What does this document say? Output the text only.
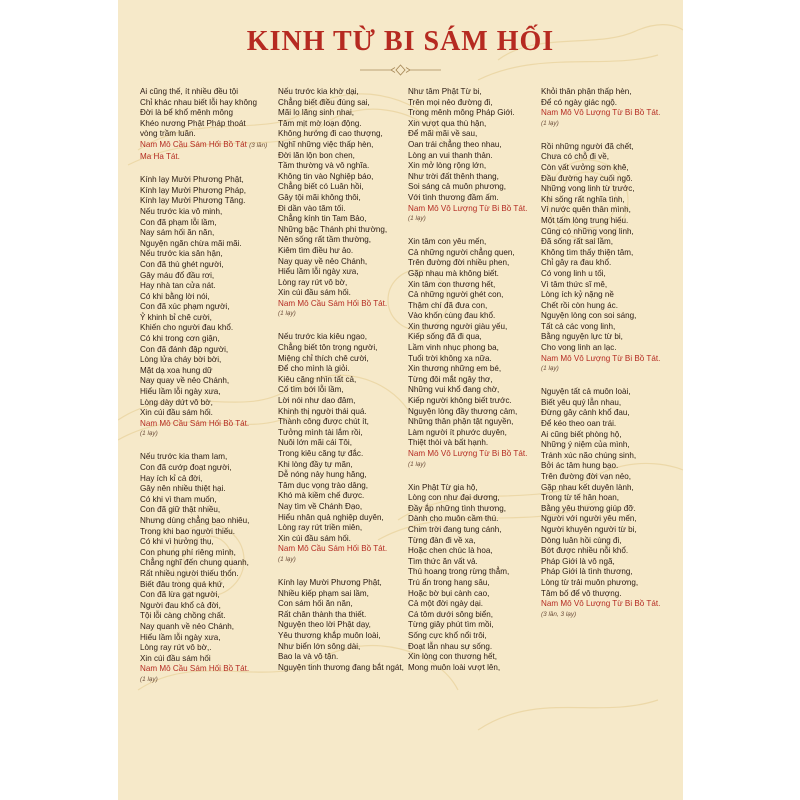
KINH TỪ BI SÁM HỐI
Ai cũng thế, ít nhiều đều tội
Chỉ khác nhau biết lỗi hay không
Đời là bể khổ mênh mông
Khéo nương Phật Pháp thoát
vòng trầm luân.
Nam Mô Cầu Sám Hối Bồ Tát (3 lần)
Ma Ha Tát.
Kính lạy Mười Phương Phật,
Kính lạy Mười Phương Pháp,
Kính lạy Mười Phương Tăng.
Nếu trước kia vô minh,
Con đã phạm lỗi lầm,
Nay sám hối ăn năn,
Nguyện ngăn chừa mãi mãi.
Nếu trước kia sân hận,
Con đã thù ghét người,
Gây máu đổ đầu rơi,
Hay nhà tan cửa nát.
Có khi bằng lời nói,
Con đã xúc phạm người,
Ỷ khinh bỉ chê cười,
Khiến cho người đau khổ.
Có khi trong cơn giận,
Con đã đánh đập người,
Lòng lửa cháy bời bời,
Mặt dạ xoa hung dữ
Nay quay về nẻo Chánh,
Hiểu lầm lỗi ngày xưa,
Lòng dày dứt vô bờ,
Xin cúi đầu sám hối.
Nam Mô Cầu Sám Hối Bồ Tát.
(1 lạy)
Nếu trước kia tham lam,
Con đã cướp đoạt người,
Hay ích kỉ cả đời,
Gây nên nhiều thiệt hại.
Có khi vì tham muốn,
Con đã giữ thật nhiều,
Nhưng dùng chẳng bao nhiêu,
Trong khi bao người thiếu.
Có khi vì hưởng thụ,
Con phung phí riêng mình,
Chẳng nghĩ đến chung quanh,
Rất nhiều người thiếu thốn.
Biết đâu trong quá khứ,
Con đã lừa gạt người,
Người đau khổ cả đời,
Tội lỗi càng chồng chất.
Nay quanh về nẻo Chánh,
Hiểu lầm lỗi ngày xưa,
Lòng ray rứt vô bờ,.
Xin cúi đầu sám hối
Nam Mô Cầu Sám Hối Bồ Tát.
(1 lạy)
Nếu trước kia khờ dại,
Chẳng biết điều đúng sai,
Mãi lo lăng sinh nhai,
Tâm mịt mờ loạn động.
Không hướng đi cao thượng,
Nghĩ những việc thấp hèn,
Đời lăn lộn bon chen,
Tầm thường và vô nghĩa.
Không tin vào Nghiệp báo,
Chẳng biết có Luân hồi,
Gây tội mãi không thôi,
Đi dần vào tăm tối.
Chẳng kính tin Tam Bảo,
Những bậc Thánh phi thường,
Nên sống rất tầm thường,
Kiêm tìm điều hư ảo.
Nay quay về nẻo Chánh,
Hiểu lầm lỗi ngày xưa,
Lòng ray rứt vô bờ,
Xin cúi đầu sám hối.
Nam Mô Cầu Sám Hối Bồ Tát.
(1 lạy)
Nếu trước kia kiêu ngạo,
Chẳng biết tôn trọng người,
Miệng chỉ thích chê cười,
Để cho mình là giỏi.
Kiêu căng nhìn tất cả,
Cố tìm bới lỗi lầm,
Lời nói như dao đâm,
Khinh thị người thái quá.
Thành công được chút ít,
Tưởng mình tài lắm rồi,
Nuôi lớn mãi cái Tôi,
Trong kiêu căng tự đắc.
Khi lòng đầy tự mãn,
Dễ nóng nảy hung hăng,
Tâm dục vọng trào dâng,
Khó mà kiềm chế được.
Nay tìm về Chánh Đạo,
Hiểu nhân quả nghiệp duyên,
Lòng ray rứt triền miên,
Xin cúi đầu sám hối.
Nam Mô Cầu Sám Hối Bồ Tát.
(1 lạy)
Kính lạy Mười Phương Phật,
Nhiều kiếp phạm sai lầm,
Con sám hối ăn năn,
Rất chân thành tha thiết.
Nguyện theo lời Phật dạy,
Yêu thương khắp muôn loài,
Như biển lớn sông dài,
Bao la và vô tận.
Nguyện tinh thương đang bắt ngát,
Như tâm Phật Từ bi,
Trên mọi nẻo đường đi,
Trong mênh mông Pháp Giới.
Xin vượt qua thù hận,
Để mãi mãi về sau,
Oan trái chẳng theo nhau,
Lòng an vui thanh thản.
Xin mở lòng rộng lớn,
Như trời đất thênh thang,
Soi sáng cả muôn phương,
Với tình thương đầm ấm.
Nam Mô Vô Lượng Từ Bi Bồ Tát.
(1 lạy)
Xin tâm con yêu mến,
Cả những người chẳng quen,
Trên đường đời nhiều phen,
Gặp nhau mà không biết.
Xin tâm con thương hết,
Cả những người ghét con,
Thậm chí đã đưa con,
Vào khốn cùng đau khổ.
Xin thương người giàu yếu,
Kiếp sống đã đi qua,
Lầm vinh nhục phong ba,
Tuổi trời không xa nữa.
Xin thương những em bé,
Từng đôi mắt ngây thơ,
Những vui khổ đang chờ,
Kiếp người không biết trước.
Nguyện lòng đầy thương cảm,
Những thân phận tật nguyền,
Làm người ít phước duyên,
Thiệt thòi và bất hạnh.
Nam Mô Vô Lượng Từ Bi Bồ Tát.
(1 lạy)
Xin Phật Từ gia hộ,
Lòng con như đại dương,
Đầy ắp những tình thương,
Dành cho muôn cầm thú.
Chim trời đang tung cánh,
Từng đàn đi về xa,
Hoặc chen chúc là hoa,
Tìm thức ăn vất vả.
Thú hoang trong rừng thẳm,
Trú ẩn trong hang sâu,
Hoặc bờ bụi cành cao,
Cả một đời ngày dại.
Cá tôm dưới sông biển,
Từng giây phút tìm mồi,
Sống cực khổ nổi trôi,
Đoạt lẫn nhau sự sống.
Xin lòng con thương hết,
Mong muôn loài vượt lên,
Khỏi thân phận thấp hèn,
Để có ngày giác ngộ.
Nam Mô Vô Lượng Từ Bi Bồ Tát.
(1 lạy)
Rồi những người đã chết,
Chưa có chỗ đi về,
Còn vất vưởng sơn khê,
Đầu đường hay cuối ngõ.
Những vong linh từ trước,
Khi sống rất nghĩa tình,
Vì nước quên thân mình,
Một tấm lòng trung hiếu.
Cũng có những vong linh,
Đã sống rất sai lầm,
Không tìm thấy thiện tâm,
Chỉ gây ra đau khổ.
Có vong linh u tối,
Vì tâm thức sĩ mê,
Lòng ích kỷ nặng nề
Chết rồi còn hung ác.
Nguyện lòng con soi sáng,
Tất cả các vong linh,
Bằng nguyện lực từ bi,
Cho vong linh an lạc.
Nam Mô Vô Lượng Từ Bi Bồ Tát.
(1 lạy)
Nguyện tất cả muôn loài,
Biết yêu quý lẫn nhau,
Đừng gây cảnh khổ đau,
Để kéo theo oan trái.
Ai cũng biết phòng hộ,
Những ý niệm của mình,
Tránh xúc não chúng sinh,
Bởi ác tâm hung bạo.
Trên đường đời vạn nẻo,
Gặp nhau kết duyên lành,
Trong từ tế hân hoan,
Bằng yêu thương giúp đỡ.
Người với người yêu mến,
Người khuyên người từ bi,
Dòng luân hồi cùng đi,
Bớt được nhiều nỗi khổ.
Pháp Giới là vô ngã,
Pháp Giới là tình thương,
Lòng từ trải muôn phương,
Tâm bố để vô thượng.
Nam Mô Vô Lượng Từ Bi Bồ Tát.
(3 lần, 3 lạy)
